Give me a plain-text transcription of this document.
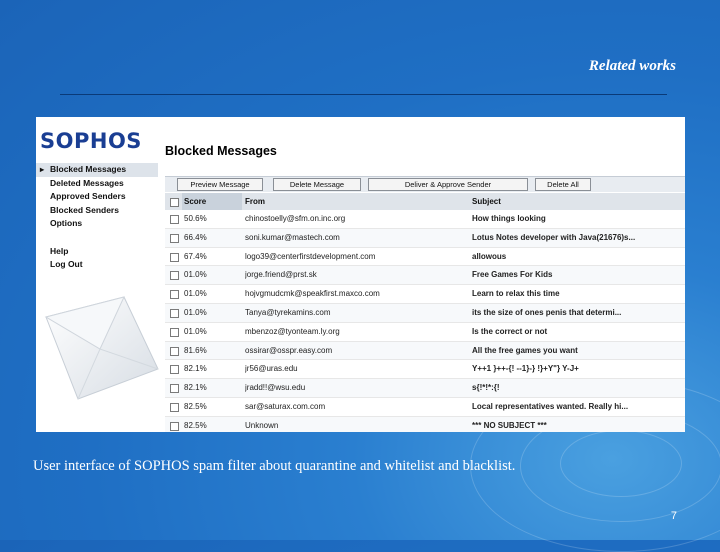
Related works
SOPHOS
▸ Blocked Messages
Deleted Messages
Approved Senders
Blocked Senders
Options
Help
Log Out
Blocked Messages
Preview Message	Delete Message	Deliver & Approve Sender	Delete All
Score	From	Subject
50.6%	chinostoelly@sfm.on.inc.org	How things looking
66.4%	soni.kumar@mastech.com	Lotus Notes developer with Java(21676)s...
67.4%	logo39@centerfirstdevelopment.com	allowous
01.0%	jorge.friend@prst.sk	Free Games For Kids
01.0%	hojvgmudcmk@speakfirst.maxco.com	Learn to relax this time
01.0%	Tanya@tyrekamins.com	its the size of ones penis that determi...
01.0%	mbenzoz@tyonteam.ly.org	Is the correct or not
81.6%	ossirar@osspr.easy.com	All the free games you want
82.1%	jr56@uras.edu	Y++1 }++-{! --1}-} !}+Y"} Y-J+
82.1%	jradd!!@wsu.edu	s{!*!*:{!
82.5%	sar@saturax.com.com	Local representatives wanted. Really hi...
82.5%	Unknown	*** NO SUBJECT ***
User interface of SOPHOS spam filter about quarantine and whitelist and blacklist.
7
